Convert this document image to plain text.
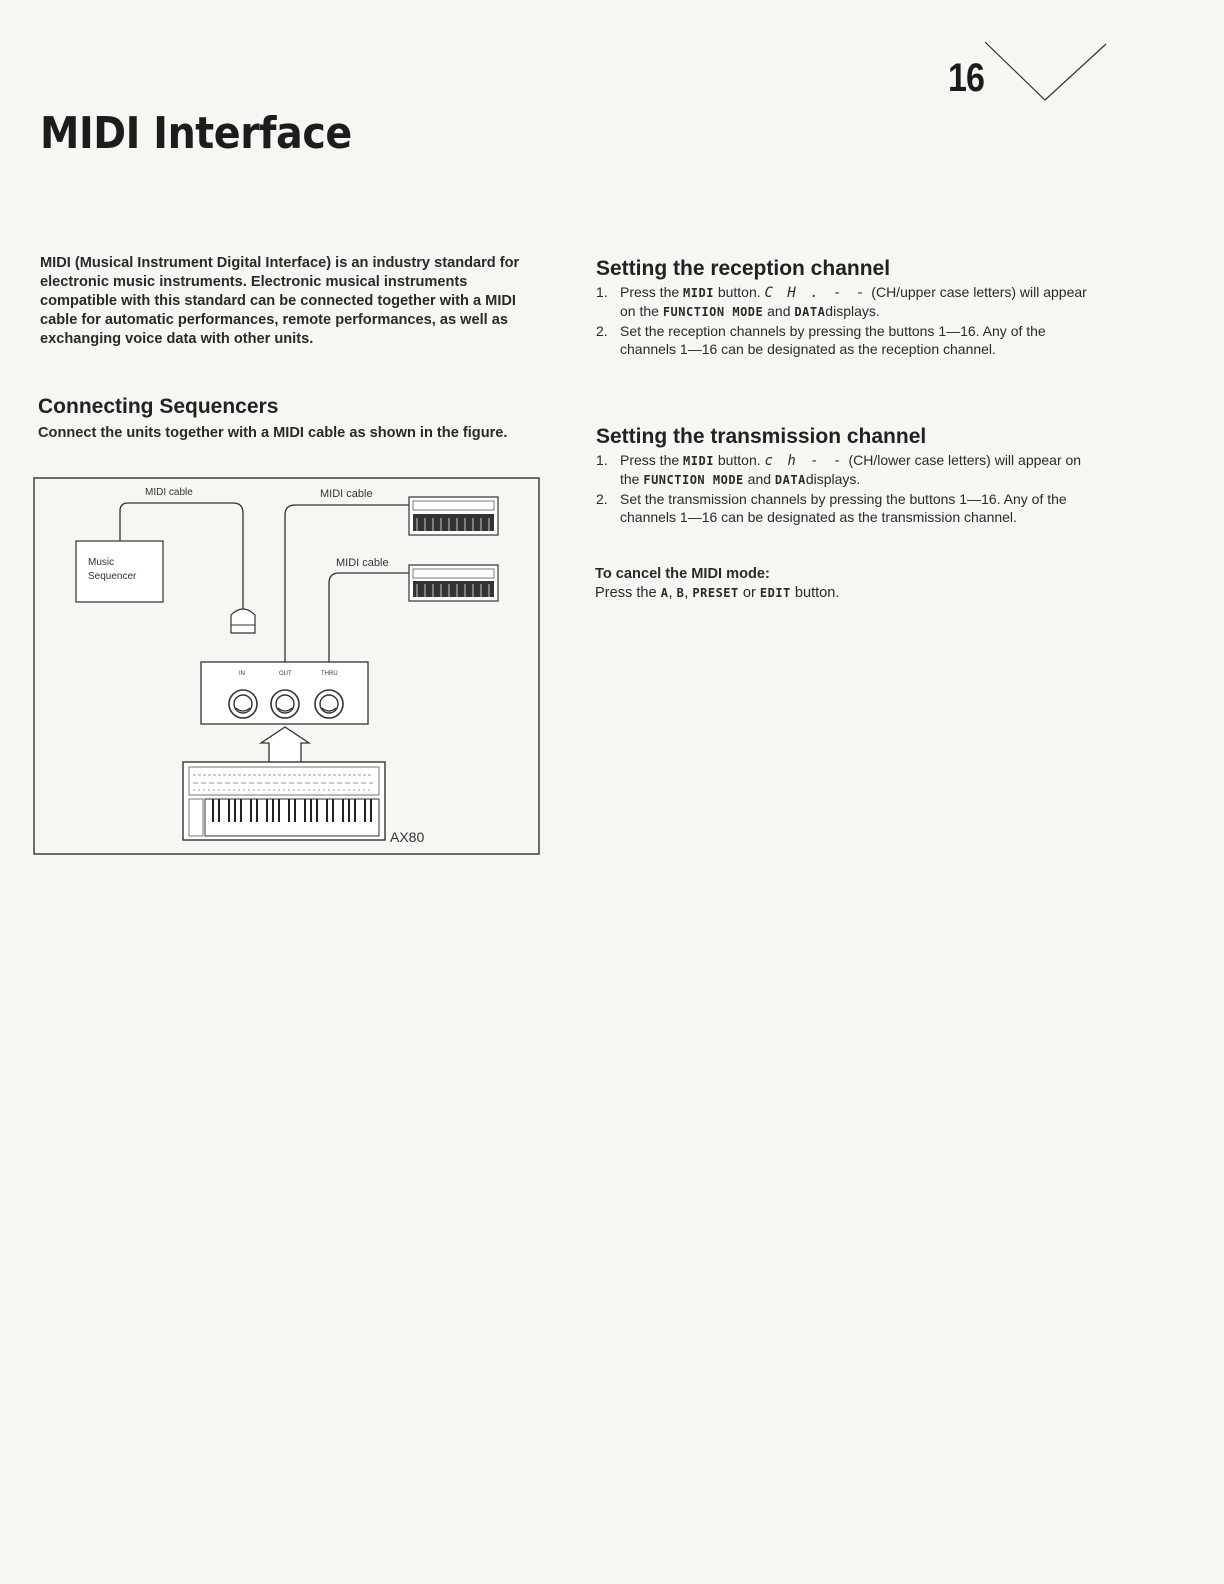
16
MIDI Interface

MIDI (Musical Instrument Digital Interface) is an industry standard for electronic music instruments. Electronic musical instruments compatible with this standard can be connected together with a MIDI cable for automatic performances, remote performances, as well as exchanging voice data with other units.

Connecting Sequencers

Connect the units together with a MIDI cable as shown in the figure.

MIDI cable	MIDI cable
MIDI cable
Music
Sequencer
IN	OUT	THRU
AX80
Setting the reception channel
1. Press the MIDI button. C H . - - (CH/upper case letters) will appear on the FUNCTION MODE and DATAdisplays.
2. Set the reception channels by pressing the buttons 1—16. Any of the channels 1—16 can be designated as the reception channel.
Setting the transmission channel
1. Press the MIDI button. c h - - (CH/lower case letters) will appear on the FUNCTION MODE and DATAdisplays.
2. Set the transmission channels by pressing the buttons 1—16. Any of the channels 1—16 can be designated as the transmission channel.

To cancel the MIDI mode:

Press the A, B, PRESET or EDIT button.
